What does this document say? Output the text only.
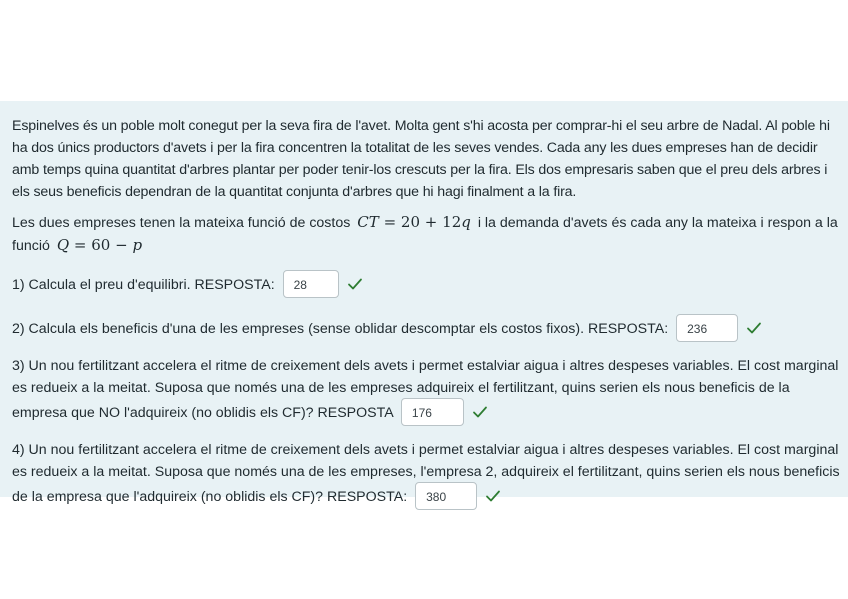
Espinelves és un poble molt conegut per la seva fira de l'avet. Molta gent s'hi acosta per comprar-hi el seu arbre de Nadal. Al poble hi ha dos únics productors d'avets i per la fira concentren la totalitat de les seves vendes. Cada any les dues empreses han de decidir amb temps quina quantitat d'arbres plantar per poder tenir-los crescuts per la fira. Els dos empresaris saben que el preu dels arbres i els seus beneficis dependran de la quantitat conjunta d'arbres que hi hagi finalment a la fira.

Les dues empreses tenen la mateixa funció de costos CT = 20 + 12q i la demanda d'avets és cada any la mateixa i respon a la funció Q = 60 − p

1) Calcula el preu d'equilibri. RESPOSTA: 28

2) Calcula els beneficis d'una de les empreses (sense oblidar descomptar els costos fixos). RESPOSTA: 236

3) Un nou fertilitzant accelera el ritme de creixement dels avets i permet estalviar aigua i altres despeses variables. El cost marginal es redueix a la meitat. Suposa que només una de les empreses adquireix el fertilitzant, quins serien els nous beneficis de la empresa que NO l'adquireix (no oblidis els CF)? RESPOSTA 176

4) Un nou fertilitzant accelera el ritme de creixement dels avets i permet estalviar aigua i altres despeses variables. El cost marginal es redueix a la meitat. Suposa que només una de les empreses, l'empresa 2, adquireix el fertilitzant, quins serien els nous beneficis de la empresa que l'adquireix (no oblidis els CF)? RESPOSTA: 380
